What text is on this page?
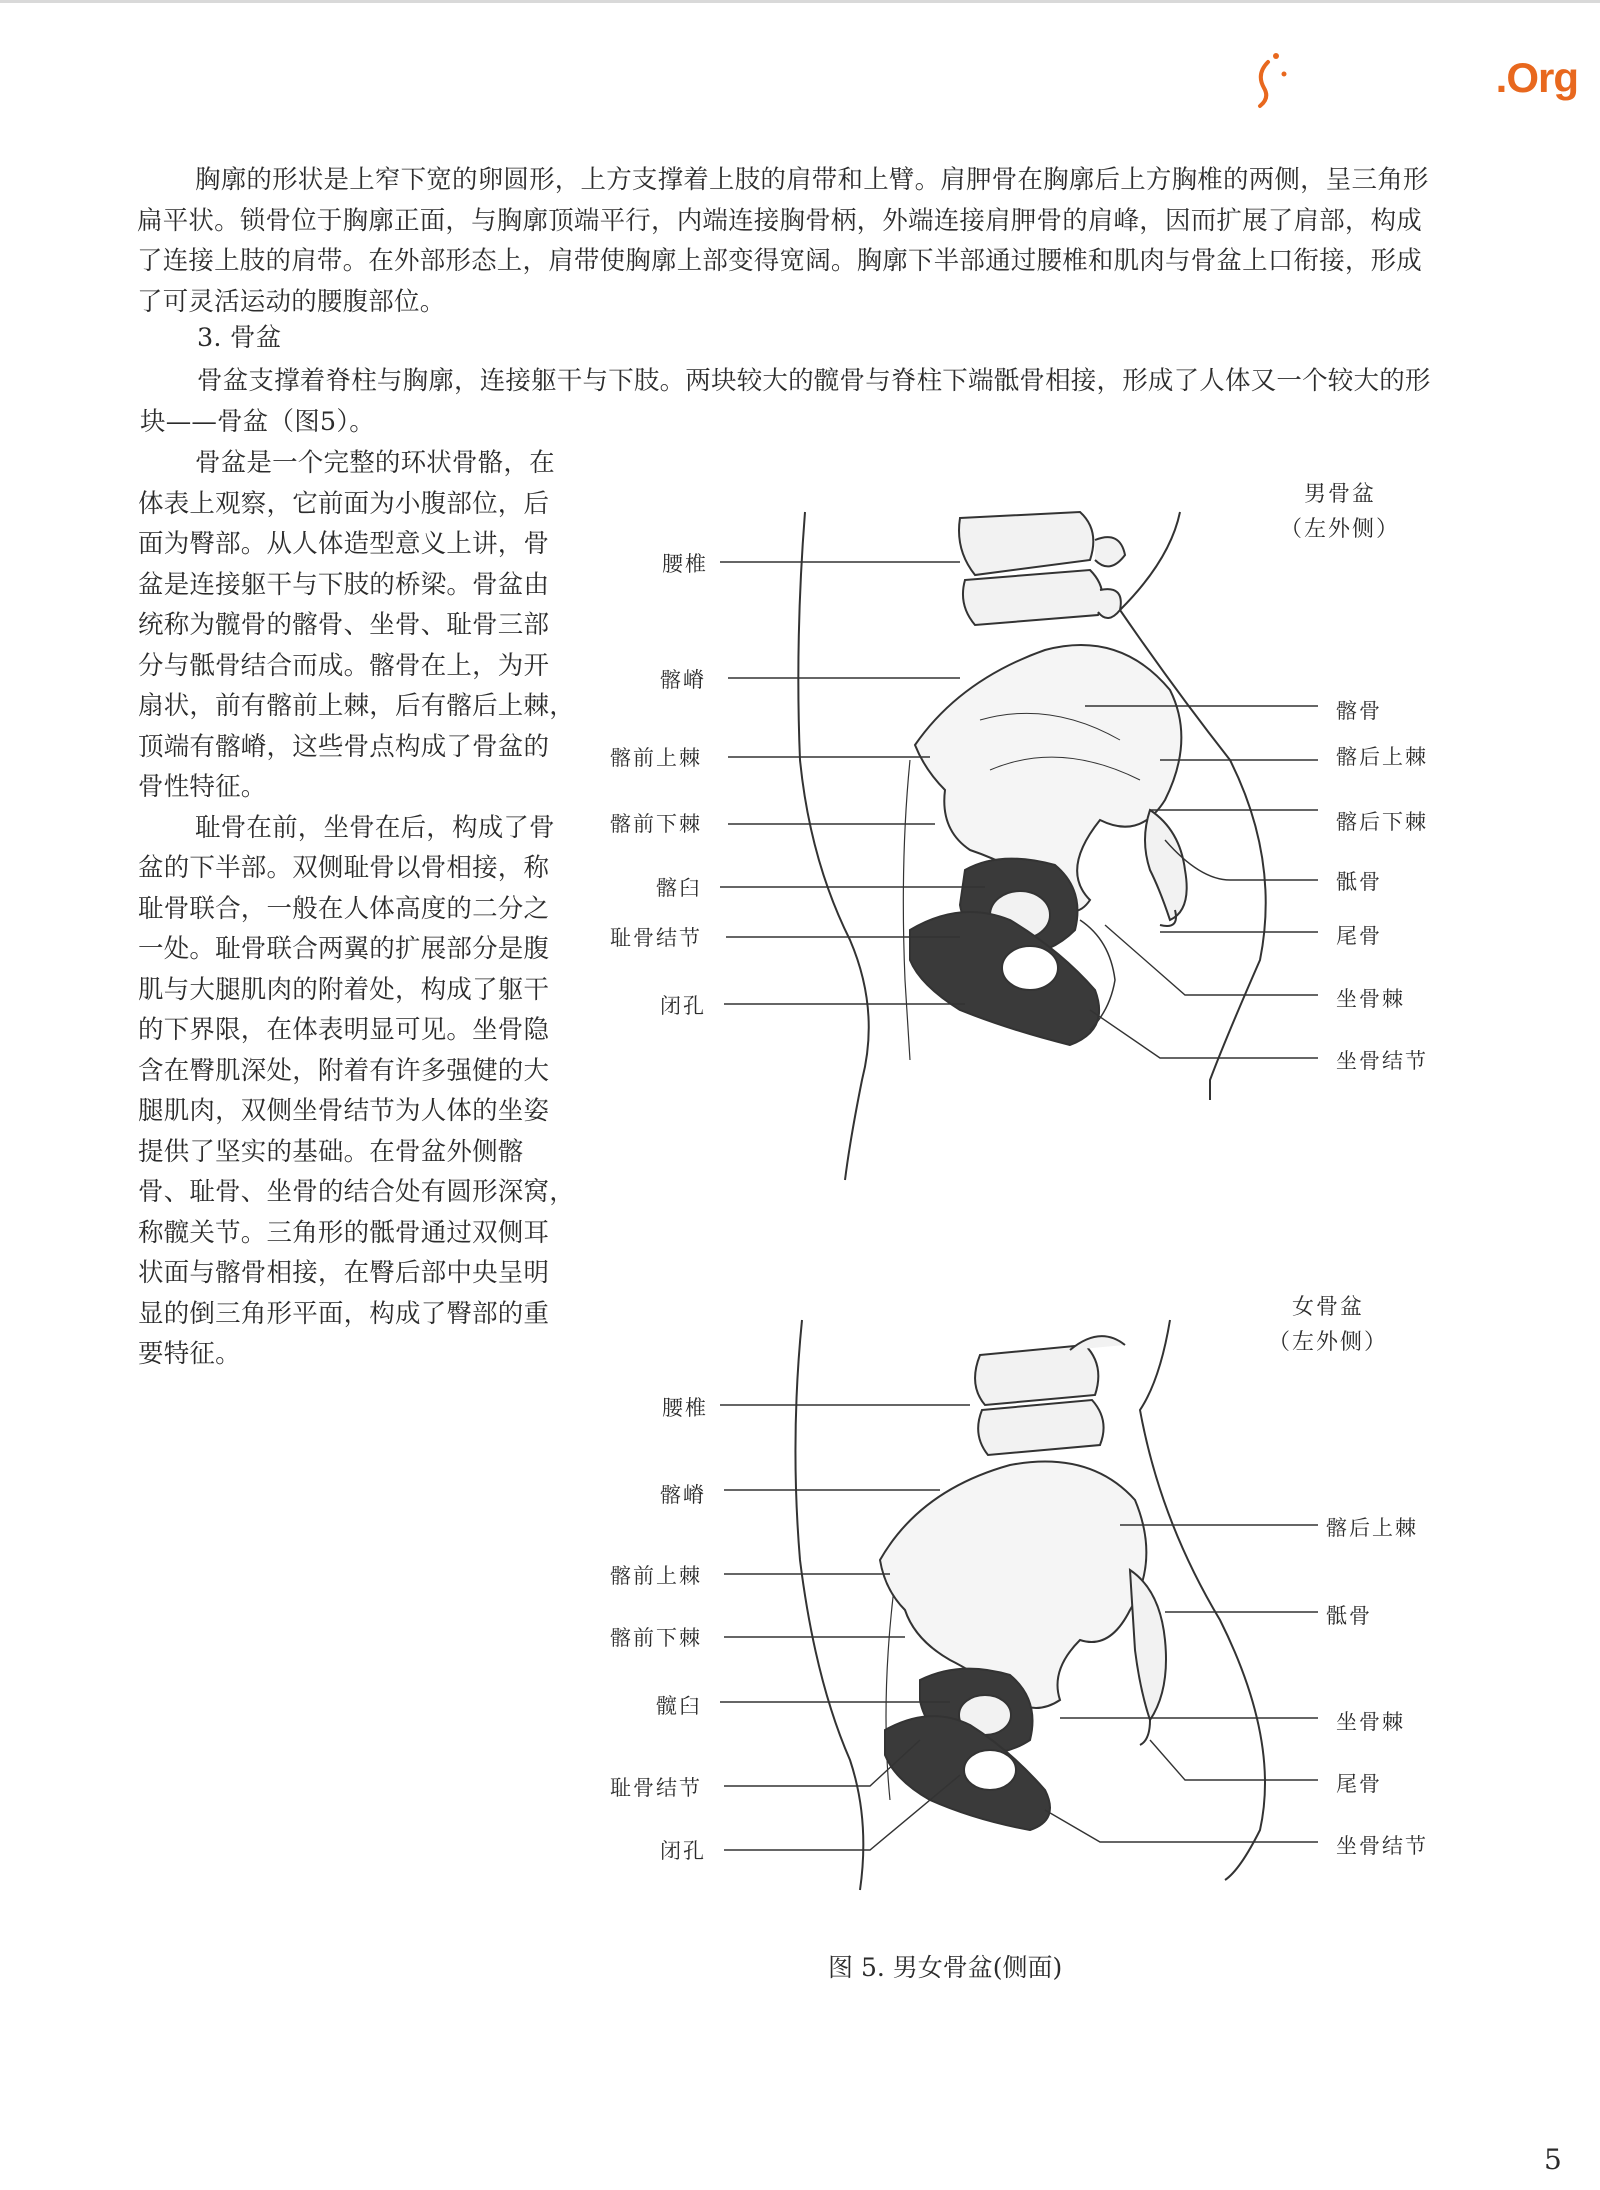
.Org
胸廓的形状是上窄下宽的卵圆形，上方支撑着上肢的肩带和上臂。肩胛骨在胸廓后上方胸椎的两侧，呈三角形
扁平状。锁骨位于胸廓正面，与胸廓顶端平行，内端连接胸骨柄，外端连接肩胛骨的肩峰，因而扩展了肩部，构成
了连接上肢的肩带。在外部形态上，肩带使胸廓上部变得宽阔。胸廓下半部通过腰椎和肌肉与骨盆上口衔接，形成
了可灵活运动的腰腹部位。
3. 骨盆
骨盆支撑着脊柱与胸廓，连接躯干与下肢。两块较大的髋骨与脊柱下端骶骨相接，形成了人体又一个较大的形
块——骨盆（图5）。
骨盆是一个完整的环状骨骼，在
体表上观察，它前面为小腹部位，后
面为臀部。从人体造型意义上讲，骨
盆是连接躯干与下肢的桥梁。骨盆由
统称为髋骨的髂骨、坐骨、耻骨三部
分与骶骨结合而成。髂骨在上，为开
扇状，前有髂前上棘，后有髂后上棘，
顶端有髂嵴，这些骨点构成了骨盆的
骨性特征。
耻骨在前，坐骨在后，构成了骨
盆的下半部。双侧耻骨以骨相接，称
耻骨联合，一般在人体高度的二分之
一处。耻骨联合两翼的扩展部分是腹
肌与大腿肌肉的附着处，构成了躯干
的下界限，在体表明显可见。坐骨隐
含在臀肌深处，附着有许多强健的大
腿肌肉，双侧坐骨结节为人体的坐姿
提供了坚实的基础。在骨盆外侧髂
骨、耻骨、坐骨的结合处有圆形深窝，
称髋关节。三角形的骶骨通过双侧耳
状面与髂骨相接，在臀后部中央呈明
显的倒三角形平面，构成了臀部的重
要特征。
男骨盆
（左外侧）
腰椎
髂嵴
髂前上棘
髂前下棘
髂臼
耻骨结节
闭孔
髂骨
髂后上棘
髂后下棘
骶骨
尾骨
坐骨棘
坐骨结节
女骨盆
（左外侧）
腰椎
髂嵴
髂前上棘
髂前下棘
髋臼
耻骨结节
闭孔
髂后上棘
骶骨
坐骨棘
尾骨
坐骨结节
图 5. 男女骨盆(侧面)
5
